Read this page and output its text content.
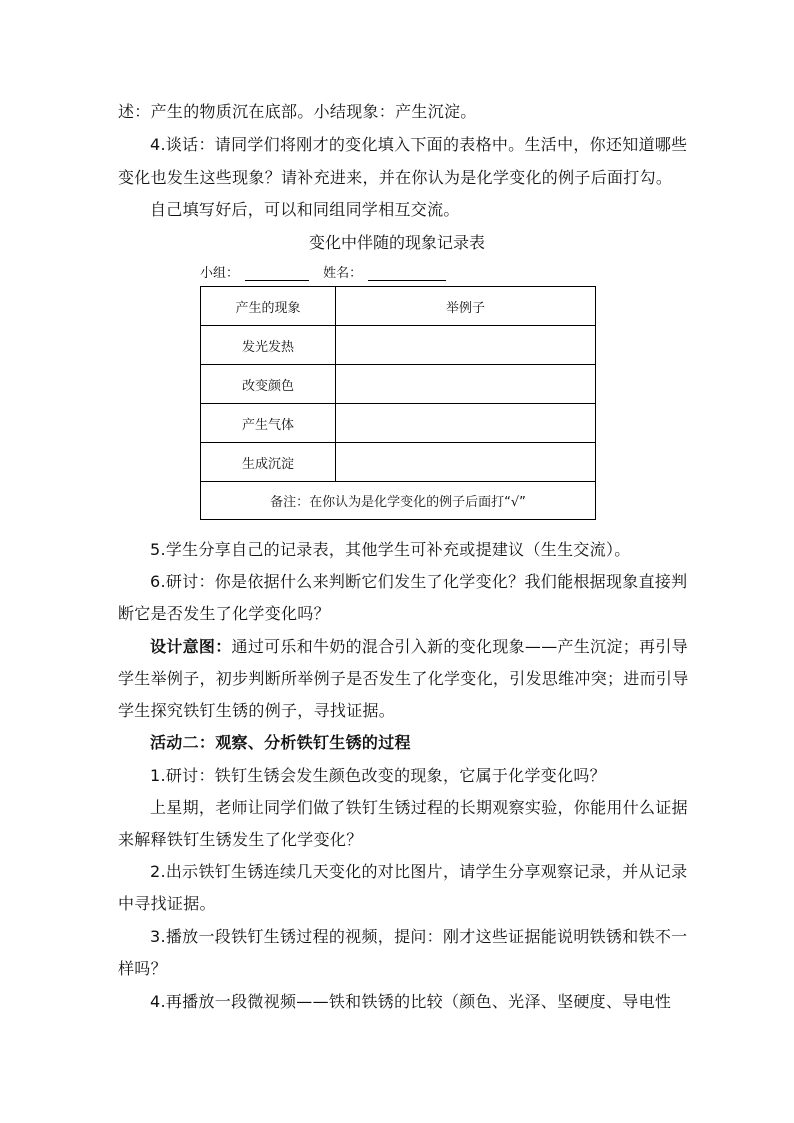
述：产生的物质沉在底部。小结现象：产生沉淀。
4.谈话：请同学们将刚才的变化填入下面的表格中。生活中，你还知道哪些
变化也发生这些现象？请补充进来，并在你认为是化学变化的例子后面打勾。
自己填写好后，可以和同组同学相互交流。
变化中伴随的现象记录表
小组：	姓名：
产生的现象	举例子
发光发热	
改变颜色	
产生气体	
生成沉淀	
备注：在你认为是化学变化的例子后面打“√”	
5.学生分享自己的记录表，其他学生可补充或提建议（生生交流）。
6.研讨：你是依据什么来判断它们发生了化学变化？我们能根据现象直接判
断它是否发生了化学变化吗？
设计意图：通过可乐和牛奶的混合引入新的变化现象——产生沉淀；再引导
学生举例子，初步判断所举例子是否发生了化学变化，引发思维冲突；进而引导
学生探究铁钉生锈的例子，寻找证据。
活动二：观察、分析铁钉生锈的过程
1.研讨：铁钉生锈会发生颜色改变的现象，它属于化学变化吗？
上星期，老师让同学们做了铁钉生锈过程的长期观察实验，你能用什么证据
来解释铁钉生锈发生了化学变化？
2.出示铁钉生锈连续几天变化的对比图片，请学生分享观察记录，并从记录
中寻找证据。
3.播放一段铁钉生锈过程的视频，提问：刚才这些证据能说明铁锈和铁不一
样吗？
4.再播放一段微视频——铁和铁锈的比较（颜色、光泽、坚硬度、导电性
